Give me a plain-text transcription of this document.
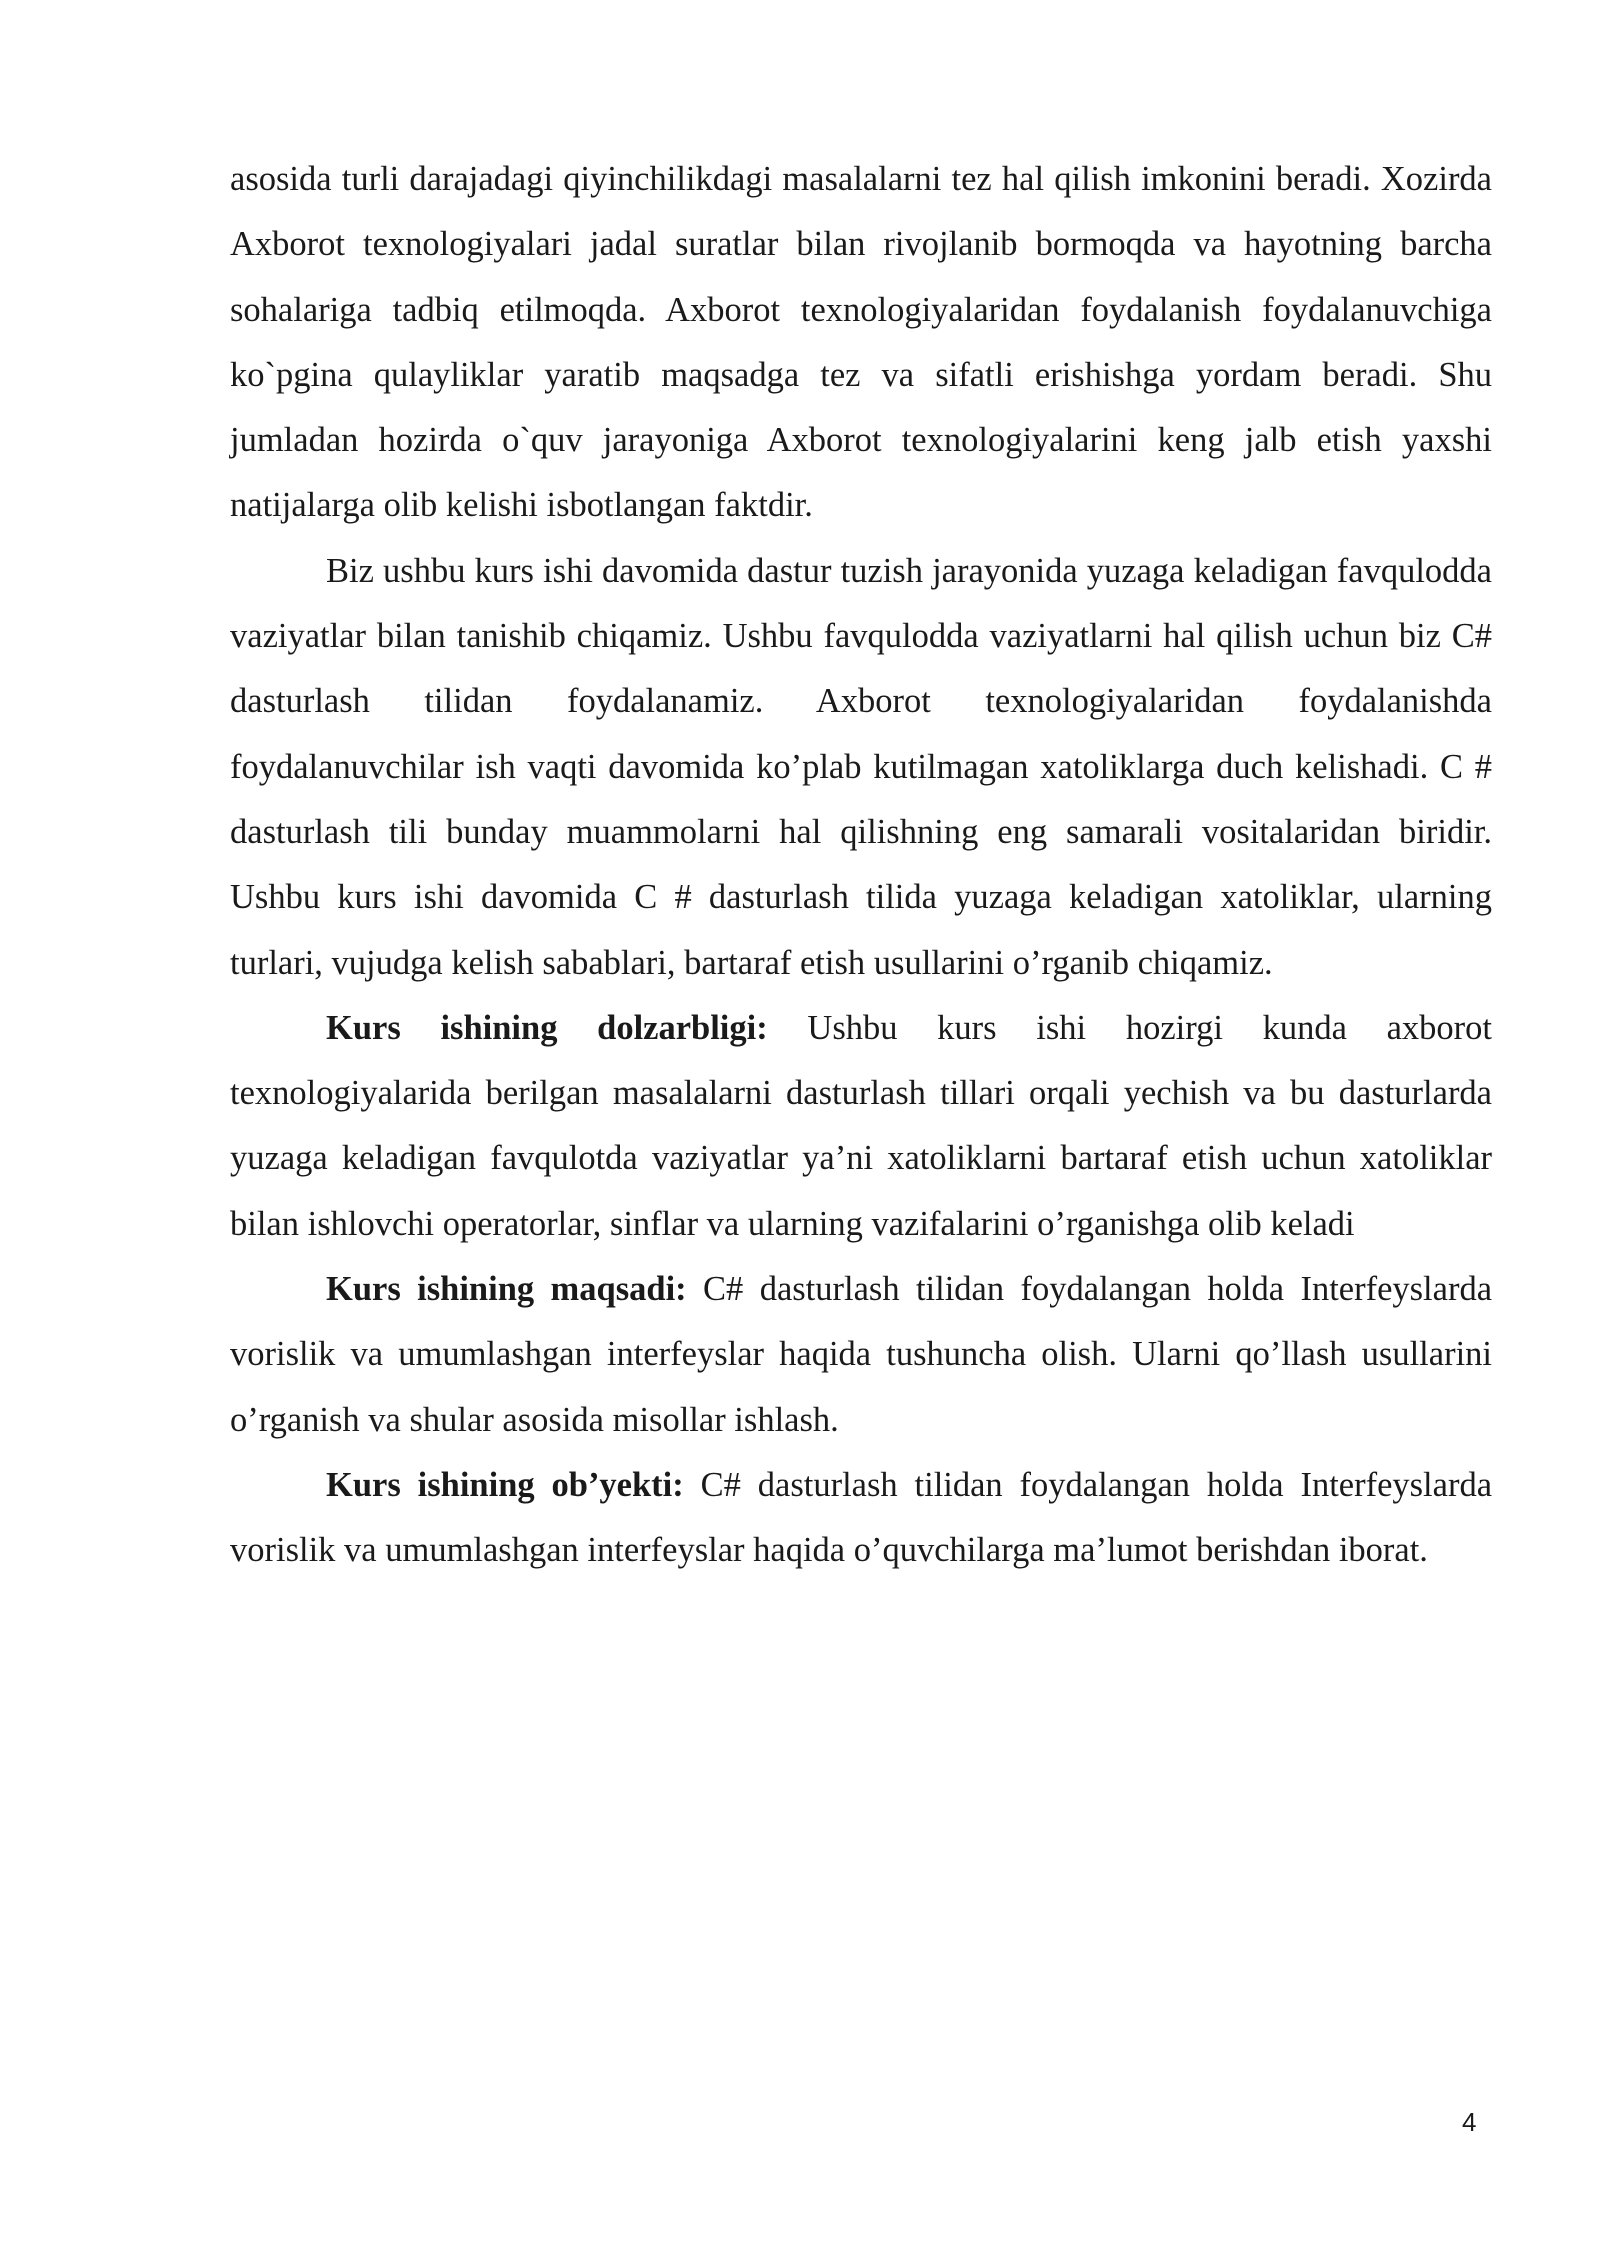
asosida turli darajadagi qiyinchilikdagi masalalarni tez hal qilish imkonini beradi. Xozirda Axborot texnologiyalari jadal suratlar bilan rivojlanib bormoqda va hayotning barcha sohalariga tadbiq etilmoqda. Axborot texnologiyalaridan foydalanish foydalanuvchiga ko`pgina qulayliklar yaratib maqsadga tez va sifatli erishishga yordam beradi. Shu jumladan hozirda o`quv jarayoniga Axborot texnologiyalarini keng jalb etish yaxshi natijalarga olib kelishi isbotlangan faktdir.

Biz ushbu kurs ishi davomida dastur tuzish jarayonida yuzaga keladigan favqulodda vaziyatlar bilan tanishib chiqamiz. Ushbu favqulodda vaziyatlarni hal qilish uchun biz C# dasturlash tilidan foydalanamiz. Axborot texnologiyalaridan foydalanishda foydalanuvchilar ish vaqti davomida ko’plab kutilmagan xatoliklarga duch kelishadi. C # dasturlash tili bunday muammolarni hal qilishning eng samarali vositalaridan biridir. Ushbu kurs ishi davomida C # dasturlash tilida yuzaga keladigan xatoliklar, ularning turlari, vujudga kelish sabablari, bartaraf etish usullarini o’rganib chiqamiz.

Kurs ishining dolzarbligi: Ushbu kurs ishi hozirgi kunda axborot texnologiyalarida berilgan masalalarni dasturlash tillari orqali yechish va bu dasturlarda yuzaga keladigan favqulotda vaziyatlar ya’ni xatoliklarni bartaraf etish uchun xatoliklar bilan ishlovchi operatorlar, sinflar va ularning vazifalarini o’rganishga olib keladi

Kurs ishining maqsadi: C# dasturlash tilidan foydalangan holda Interfeyslarda vorislik va umumlashgan interfeyslar haqida tushuncha olish. Ularni qo’llash usullarini o’rganish va shular asosida misollar ishlash.

Kurs ishining ob’yekti: C# dasturlash tilidan foydalangan holda Interfeyslarda vorislik va umumlashgan interfeyslar haqida o’quvchilarga ma’lumot berishdan iborat.

4
